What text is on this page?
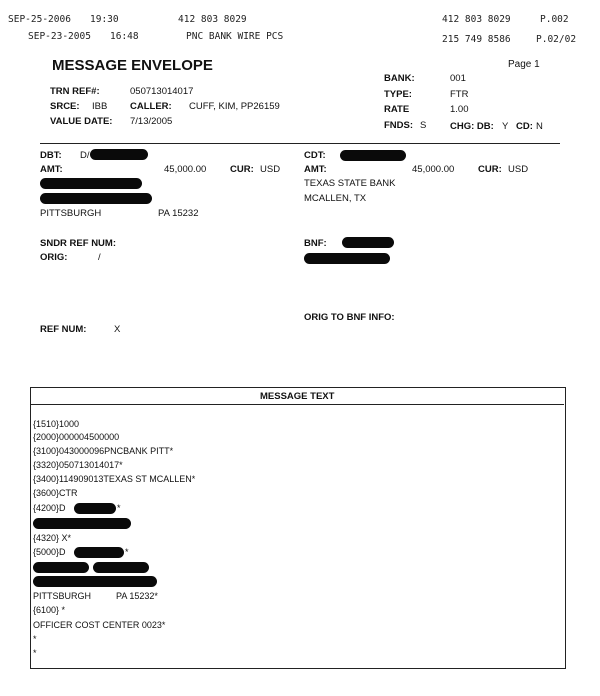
SEP-25-2006 19:30	412 803 8029	412 803 8029	P.002
SEP-23-2005 16:48	PNC BANK WIRE PCS	215 749 8586	P.02/02
MESSAGE ENVELOPE	Page 1
TRN REF#:	050713014017
SRCE: IBB CALLER: CUFF, KIM, PP26159
VALUE DATE: 7/13/2005
BANK:	001
TYPE:	FTR
RATE	1.00
FNDS: S CHG: DB: Y CD: N
DBT: D/
AMT:	45,000.00 CUR: USD
PITTSBURGH	PA 15232
SNDR REF NUM:
ORIG:	/
REF NUM:	X
CDT:
AMT:	45,000.00 CUR: USD
TEXAS STATE BANK
MCALLEN, TX
BNF:
ORIG TO BNF INFO:
MESSAGE TEXT
{1510}1000
{2000}000004500000
{3100}043000096PNCBANK PITT*
{3320}050713014017*
{3400}114909013TEXAS ST MCALLEN*
{3600}CTR
{4200}D	*
{4320} X*
{5000}D	*
PITTSBURGH          PA 15232*
{6100} *
OFFICER COST CENTER 0023*
*
*
